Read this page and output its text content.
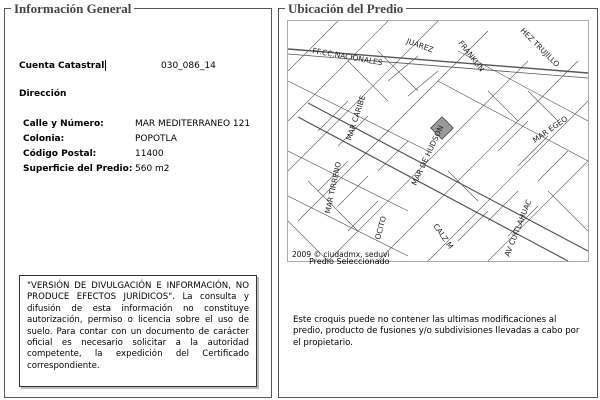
Información General
Cuenta Catastral	030_086_14
Dirección
Calle y Número:	MAR MEDITERRANEO 121
Colonia:	POPOTLA
Código Postal:	11400
Superficie del Predio: 560 m2
"VERSIÓN DE DIVULGACIÓN E INFORMACIÓN, NO PRODUCE EFECTOS JURÍDICOS". La consulta y difusión de esta información no constituye autorización, permiso o licencia sobre el uso de suelo. Para contar con un documento de carácter oficial es necesario solicitar a la autoridad competente, la expedición del Certificado correspondiente.
Ubicación del Predio
FF.CC.NACIONALES
JUAREZ	FRANKLIN	HEZ TRUJILLO
MAR CARIBE
MAR DE HUDSON	MAR EGEO
MAR TIRRENO
OCITO	CALZ M	AV CUITLAHUAC
2009 © ciudadmx, seduvi
Predio Seleccionado
Este croquis puede no contener las ultimas modificaciones al predio, producto de fusiones y/o subdivisiones llevadas a cabo por el propietario.
